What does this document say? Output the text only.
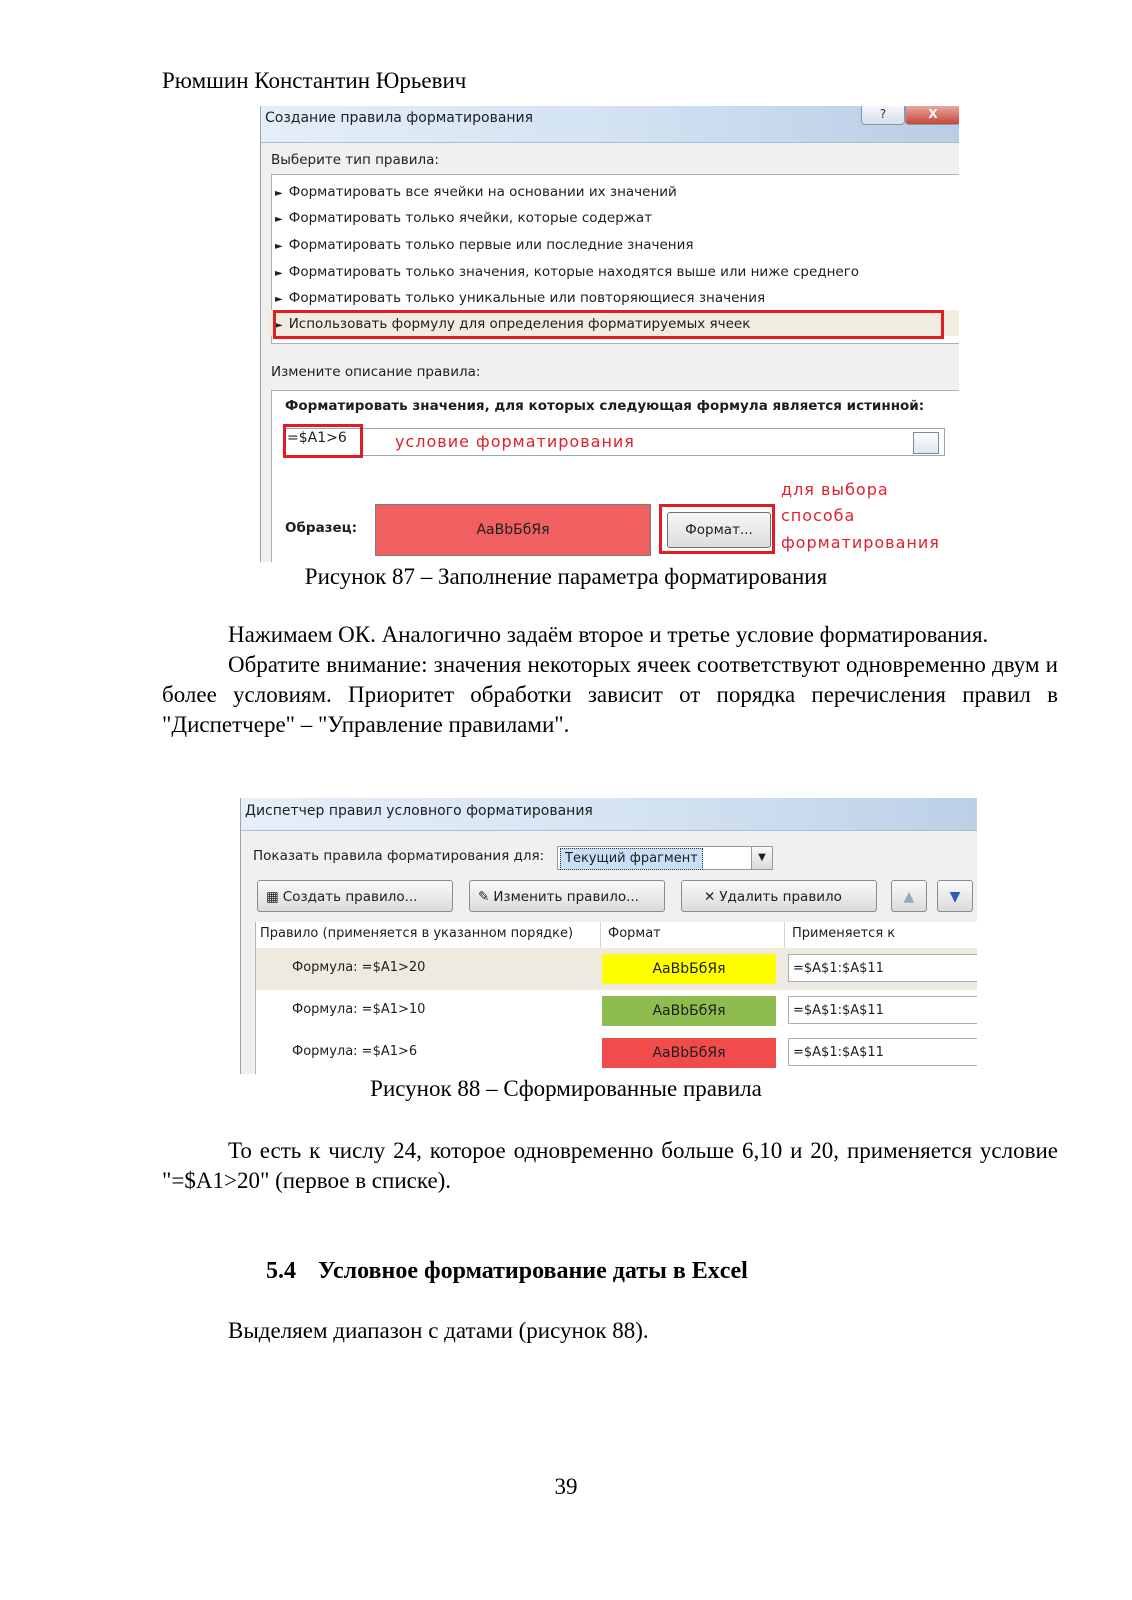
Рюмшин Константин Юрьевич
Создание правила форматирования	?	X
Выберите тип правила:
► Форматировать все ячейки на основании их значений
► Форматировать только ячейки, которые содержат
► Форматировать только первые или последние значения
► Форматировать только значения, которые находятся выше или ниже среднего
► Форматировать только уникальные или повторяющиеся значения
► Использовать формулу для определения форматируемых ячеек
Измените описание правила:
Форматировать значения, для которых следующая формула является истинной:
=$A1>6	условие форматирования
для выбора
способа
форматирования
Образец:	AaBbБбЯя	Формат...
Рисунок 87 – Заполнение параметра форматирования

Нажимаем ОК. Аналогично задаём второе и третье условие форматирования.

Обратите внимание: значения некоторых ячеек соответствуют одновременно двум и более условиям. Приоритет обработки зависит от порядка перечисления правил в "Диспетчере" – "Управление правилами".

Диспетчер правил условного форматирования
Показать правила форматирования для:	Текущий фрагмент	▼
▦ Создать правило...	✎ Изменить правило...	✕ Удалить правило	▲	▼
Правило (применяется в указанном порядке)	Формат	Применяется к
Формула: =$A1>20	AaBbБбЯя	=$A$1:$A$11
Формула: =$A1>10	AaBbБбЯя	=$A$1:$A$11
Формула: =$A1>6	AaBbБбЯя	=$A$1:$A$11
Рисунок 88 – Сформированные правила

То есть к числу 24, которое одновременно больше 6,10 и 20, применяется условие "=$A1>20" (первое в списке).

5.4 Условное форматирование даты в Excel

Выделяем диапазон с датами (рисунок 88).

39
